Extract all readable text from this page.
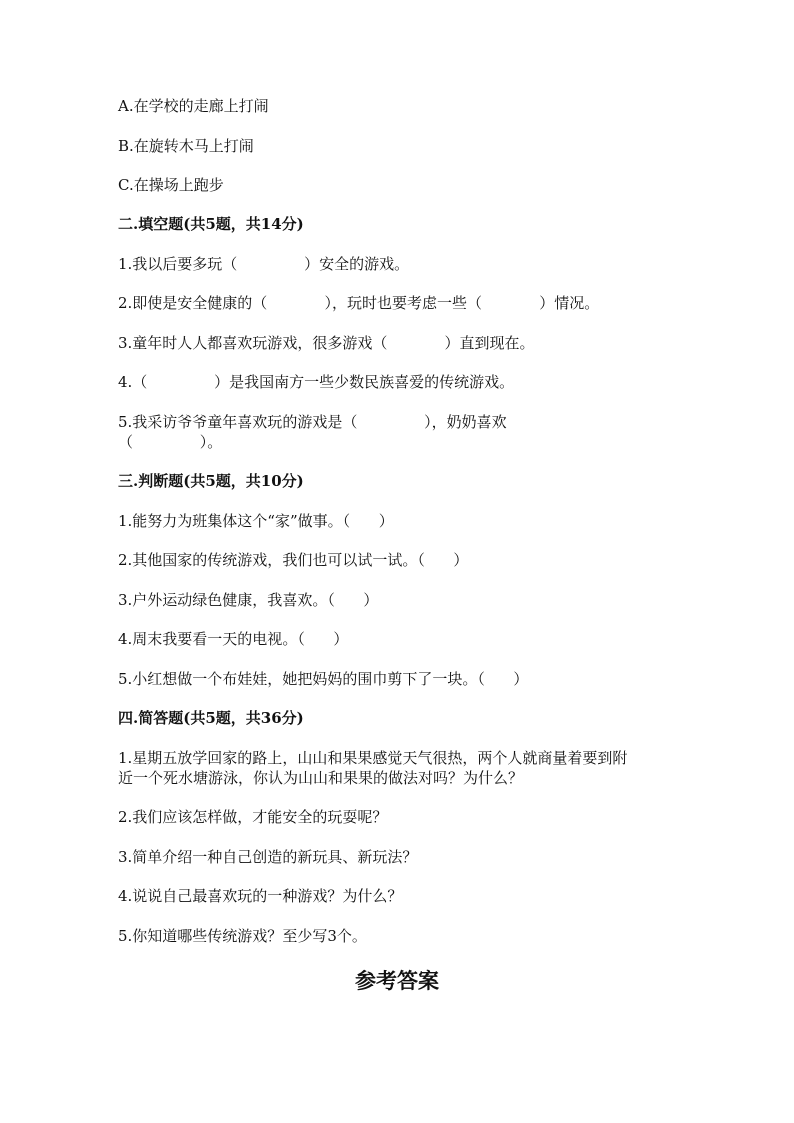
A.在学校的走廊上打闹
B.在旋转木马上打闹
C.在操场上跑步
二.填空题(共5题，共14分)
1.我以后要多玩（              ）安全的游戏。
2.即使是安全健康的（            ），玩时也要考虑一些（            ）情况。
3.童年时人人都喜欢玩游戏，很多游戏（            ）直到现在。
4.（              ）是我国南方一些少数民族喜爱的传统游戏。
5.我采访爷爷童年喜欢玩的游戏是（              ），奶奶喜欢
（              ）。
三.判断题(共5题，共10分)
1.能努力为班集体这个“家”做事。（      ）
2.其他国家的传统游戏，我们也可以试一试。（      ）
3.户外运动绿色健康，我喜欢。（      ）
4.周末我要看一天的电视。（      ）
5.小红想做一个布娃娃，她把妈妈的围巾剪下了一块。（      ）
四.简答题(共5题，共36分)
1.星期五放学回家的路上，山山和果果感觉天气很热，两个人就商量着要到附
近一个死水塘游泳，你认为山山和果果的做法对吗？为什么？
2.我们应该怎样做，才能安全的玩耍呢？
3.简单介绍一种自己创造的新玩具、新玩法？
4.说说自己最喜欢玩的一种游戏？为什么？
5.你知道哪些传统游戏？至少写3个。
参考答案
